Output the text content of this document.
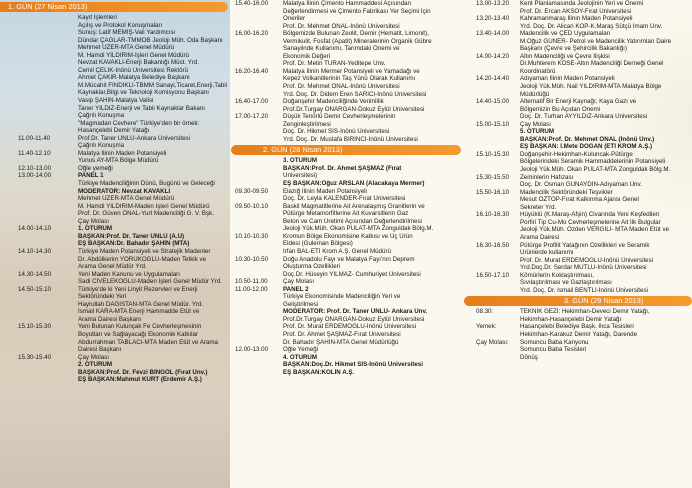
1. GÜN (27 Nisan 2013)
Kayıt İşlemleri
Açılış ve Protokol Konuşmaları
Sunuş: Latif MEMİŞ-Vali Yardımcısı
Dündar ÇAĞLAR-TMMOB Jeoloji Müh. Oda Başkanı
Mehmet ÜZER-MTA Genel Müdürü
M. Hamdi YILDIRIM-İşleri Genel Müdürü
Nevzat KAVAKLI-Enerji Bakanlığı Müst. Yrd.
Cemil ÇELİK-İnönü Üniversitesi Rektörü
Ahmet ÇAKIR-Malatya Belediye Başkanı
M.Mücahit FINDIKLI-TBMM Sanayi,Ticaret,Enerji,Tabii
Kaynaklar,Bilgi ve Teknoloji Komisyonu Başkanı
Vasip ŞAHİN-Malatya Valisi
Taner YILDIZ-Enerji ve Tabii Kaynaklar Bakanı
Çağrılı Konuşma
"Magmadan Cevhere" Türkiye'den bir örnek:
Hasançelebi Demir Yatağı
11.00-11.40	Prof.Dr. Taner ÜNLÜ-Ankara Üniversitesi
Çağrılı Konuşma
11.40-12.10	Malatya İlinin Maden Potansiyeli
Yunus AY-MTA Bölge Müdürü
12.10-13.00	Öğle yemeği
13.00-14.00	PANEL 1
Türkiye Madenciliğinin Dünü, Bugünü ve Geleceği
MODERATÖR: Nevzat KAVAKLI
Mehmet ÜZER-MTA Genel Müdürü
M. Hamdi YILDIRIM-Maden İşleri Genel Müdürü
Prof. Dr. Güven ÖNAL-Yurt Madenciliği G. V. Bşk.
Çay Molası
14.00-14.10	1. OTURUM
BAŞKAN:Prof. Dr. Taner ÜNLÜ (A.Ü)
EŞ BAŞKAN:Dr. Bahadır ŞAHİN (MTA)
14.10-14.30	Türkiye Maden Potansiyeli ve Stratejik Madenler
Dr. Abdülkerim YÖRÜKOĞLU-Maden Tetkik ve
Arama Genel Müdür Yrd.
14.30-14.50	Yeni Maden Kanunu ve Uygulamaları
Sadi CİVELEKOĞLU-Maden İşleri Genel Müdür Yrd.
14.50-15.10	Türkiye'de ki Yeni Linyit Rezervleri ve Enerji
Sektöründeki Yeri
Hayrullah DAĞISTAN-MTA Genel Müdür. Yrd.
İsmail KARA-MTA Enerji Hammadde Etüt ve
Arama Dairesi Başkanı
15.10-15.30	Yeni Bulunan Kulunçak Fe Cevherleşmesinin
Boyutları ve Sağlayacağı Ekonomik Katkılar
Abdurrahman TABLACI-MTA Maden Etüt ve Arama
Dairesi Başkanı
15.30-15.40	Çay Molası
2. OTURUM
BAŞKAN:Prof. Dr. Fevzi BİNGÖL (Fırat Ünv.)
EŞ BAŞKAN:Mahmut KURT (Erdemir A.Ş.)
15.40-16.00	Malatya İlinin Çimento Hammaddesi Açısından
Değerlendirmesi ve Çimento Fabrikası Yer Seçimi İçin
Öneriler
Prof. Dr. Mehmet ÖNAL-İnönü Üniversitesi
16.00-16.20	Bölgemizde Bulunan Zeolit, Demir (Hematit, Limonit),
Vermikulit, Fosfat (Apatit) Mineralerinin Organik Gübre
Sanayiinde Kullanımı, Tarımdaki Önemi ve
Ekonomik Değeri
Prof. Dr. Metin TURAN-Yeditepe Ünv.
16.20-16.40	Malatya İlinin Mermer Potansiyeli ve Yamadağı ve
Kepez Volkanitlerinin Taş Yünü Olarak Kullanımı
Prof. Dr. Mehmet ÖNAL-İnönü Üniversitesi
Yrd. Doç. Dr. Didem Eren SARICI-İnönü Üniversitesi
16.40-17.00	Doğanşehir Madenciliğinde Verimlilik
Prof.Dr.Turgay ONARGAN-Dokuz Eylül Üniversitesi
17.00-17.20	Düşük Tenörlü Demir Cevherleşmelerinin
Zenginleştirilmesi
Doç. Dr. Hikmet SİS-İnönü Üniversitesi
Yrd. Doç. Dr. Mustafa BİRİNCİ-İnönü Üniversitesi
2. GÜN (28 Nisan 2013)
3. OTURUM
BAŞKAN:Prof. Dr. Ahmet ŞAŞMAZ (Fırat
Üniversitesi)
EŞ BAŞKAN:Oğuz ARSLAN (Alacakaya Mermer)
09.30-09.50	Elazığ İlinin Maden Potansiyeli
Doç. Dr. Leyla KALENDER-Fırat Üniversitesi
09.50-10.10	Baskil Magmatitlerine Ait Arenalaşmış Granitlerin ve
Pütürge Metamorfitlerine Ait Kuvarsitlerin Gaz
Beton ve Cam Üretimi Açısından Değerlendirilmesi
Jeoloji Yük.Müh. Okan PULAT-MTA Zonguldak Bölg.M.
10.10-10.30	Kromun Bölge Ekonomisine Katkısı ve Üç Ürün
Eldesi (Guleman Bölgesi)
İrfan BAL-ETİ Krom A.Ş. Genel Müdürü
10.30-10.50	Doğu Anadolu Fayı ve Malatya Fayı'nın Deprem
Oluşturma Özellikleri
Doç.Dr. Hüseyin YILMAZ- Cumhuriyet Üniversitesi
10.50-11.00	Çay Molası
11.00-12.00	PANEL 2
Türkiye Ekonomisinde Madenciliğin Yeri ve
Geliştirilmesi
MODERATÖR: Prof. Dr. Taner ÜNLÜ- Ankara Ünv.
Prof.Dr.Turgay ONARGAN-Dokuz Eylül Üniversitesi
Prof. Dr. Murat ERDEMOĞLU-İnönü Üniversitesi
Prof. Dr. Ahmet ŞAŞMAZ-Fırat Üniversitesi
Dr. Bahadır ŞAHİN-MTA Genel Müdürlüğü
12.00-13.00	Öğle Yemeği
4. OTURUM
BAŞKAN:Doç.Dr. Hikmet SİS-İnönü Üniversitesi
EŞ BAŞKAN:KOLİN A.Ş.
13.00-13.20	Kent Planlamasında Jeolojinin Yeri ve Önemi
Prof. Dr. Ercan AKSOY-Fırat Üniversitesi
13.20-13.40	Kahramanmaraş İlinin Maden Potansiyeli
Yrd. Doç. Dr. Alican KOP-K.Maraş Sütçü İmam Ünv.
13.40-14.00	Madencilik ve ÇED Uygulamaları
M.Oğuz GÜNER- Petrol ve Madencilik Yatırımları Daire
Başkanı (Çevre ve Şehircilik Bakanlığı)
14.00-14.20	Altın Madenciliği ve Çevre İlişkisi
Dr.Muhterem KÖSE-Altın Madenciliği Derneği Genel
Koordinatörü
14.20-14.40	Adıyaman İlinin Maden Potansiyeli
Jeoloji Yük.Müh. Nail YILDIRIM-MTA Malatya Bölge
Müdürlüğü
14.40-15.00	Alternatif Bir Enerji Kaynağı; Kaya Gazı ve
Bölgemizin Bu Açıdan Önemi
Doç. Dr. Turhan AYYILDIZ-Ankara Üniversitesi
15.00-15.10	Çay Molası
5. OTURUM
BAŞKAN:Prof. Dr. Mehmet ÖNAL (İnönü Ünv.)
EŞ BAŞKAN: İ.Mete DOĞAN (ETİ KROM A.Ş.)
15.10-15.30	Doğanşehir-Hekimhan-Kuluncak-Pütürge
Bölgelerindeki Seramik Hammaddelerinin Potansiyeli
Jeoloji Yük.Müh. Okan PULAT-MTA Zonguldak Bölg.M.
15.30-15.50	Zeminlerin Hafızası
Doç. Dr. Osman GÜNAYDIN-Adıyaman Ünv.
15.50-16.10	Madencilik Sektöründeki Teşvikler
Mesut ÖZTOP-Fırat Kalkınma Ajansı Genel
Sekreter Yrd.
16.10-16.30	Hüyüklü (K.Maraş-Afşin) Civarında Yeni Keşfedilen
Porfiri Tip Cu-Mo Cevherleşmelerine Ait İlk Bulgular
Jeoloji Yük.Müh. Özden VERGİLİ- MTA Maden Etüt ve
Arama Dairesi
16.30-16.50	Pütürge Profilit Yatağının Özellikleri ve Seramik
Ürünlerde kullanımı
Prof. Dr. Murat ERDEMOĞLU-İnönü Üniversitesi
Yrd.Doç.Dr. Serdar MUTLU-İnönü Üniversitesi
16.50-17.10	Kömürlerin Koklaştırılması,
Sıvılaştırılması ve Gazlaştırılması
Yrd. Doç. Dr. İsmail BENTLİ-İnönü Üniversitesi
3. GÜN (29 Nisan 2013)
08.30:	TEKNİK GEZİ: Hekimhan-Deveci Demir Yatağı,
Hekimhan-Hasançelebi Demir Yatağı
Yemek:	Hasançelebi Belediye Başk. Ilıca Tesisleri
Hekimhan-Karakuz Demir Yatağı, Darende
Çay Molası:	Somuncu Baba Kanyonu
Somuncu Baba Tesisleri
Dönüş
